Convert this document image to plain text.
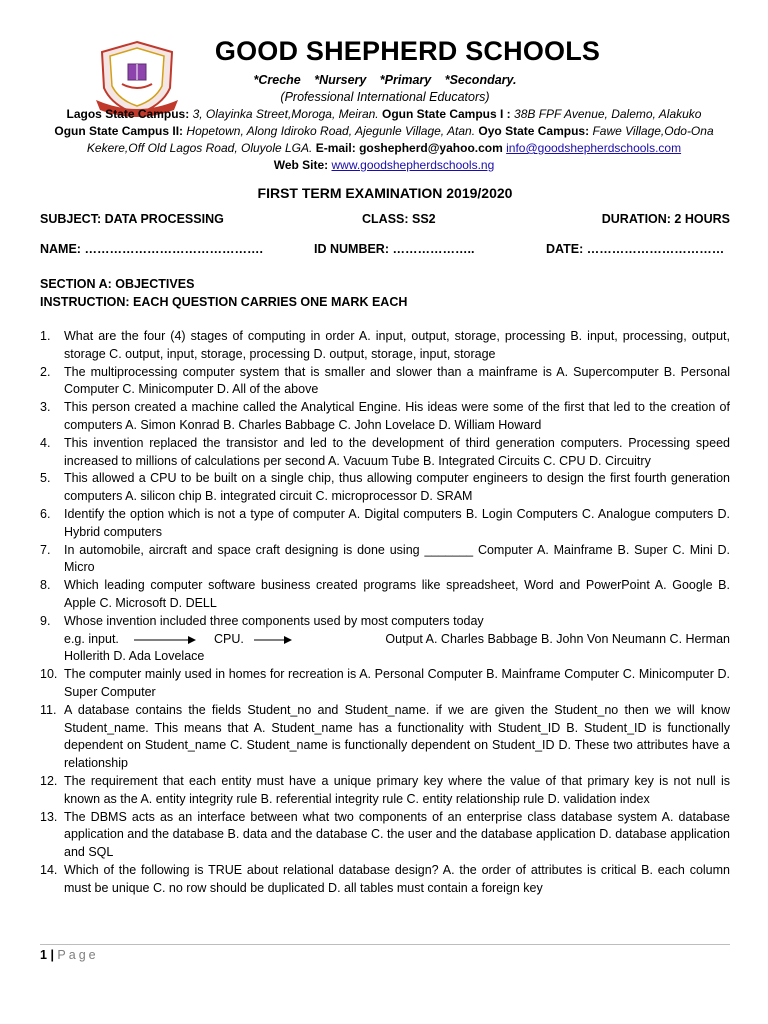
GOOD SHEPHERD SCHOOLS
*Creche *Nursery *Primary *Secondary.
(Professional International Educators)
Lagos State Campus: 3, Olayinka Street,Moroga, Meiran. Ogun State Campus I : 38B FPF Avenue, Dalemo, Alakuko
Ogun State Campus II: Hopetown, Along Idiroko Road, Ajegunle Village, Atan. Oyo State Campus: Fawe Village,Odo-Ona Kekere,Off Old Lagos Road, Oluyole LGA. E-mail: goshepherd@yahoo.com info@goodshepherdschools.com
Web Site: www.goodshepherdschools.ng
FIRST TERM EXAMINATION 2019/2020
SUBJECT: DATA PROCESSING	CLASS: SS2	DURATION: 2 HOURS
NAME: …………………………………….	ID NUMBER: ………………..	DATE: ……………………………
SECTION A: OBJECTIVES
INSTRUCTION: EACH QUESTION CARRIES ONE MARK EACH
1. What are the four (4) stages of computing in order A. input, output, storage, processing B. input, processing, output, storage C. output, input, storage, processing D. output, storage, input, storage
2. The multiprocessing computer system that is smaller and slower than a mainframe is A. Supercomputer B. Personal Computer C. Minicomputer D. All of the above
3. This person created a machine called the Analytical Engine. His ideas were some of the first that led to the creation of computers A. Simon Konrad B. Charles Babbage C. John Lovelace D. William Howard
4. This invention replaced the transistor and led to the development of third generation computers. Processing speed increased to millions of calculations per second A. Vacuum Tube B. Integrated Circuits C. CPU D. Circuitry
5. This allowed a CPU to be built on a single chip, thus allowing computer engineers to design the first fourth generation computers A. silicon chip B. integrated circuit C. microprocessor D. SRAM
6. Identify the option which is not a type of computer A. Digital computers B. Login Computers C. Analogue computers D. Hybrid computers
7. In automobile, aircraft and space craft designing is done using _______ Computer A. Mainframe B. Super C. Mini D. Micro
8. Which leading computer software business created programs like spreadsheet, Word and PowerPoint A. Google B. Apple C. Microsoft D. DELL
9. Whose invention included three components used by most computers today
e.g. input.	CPU.	Output A. Charles Babbage B. John Von Neumann C. Herman
Hollerith D. Ada Lovelace
10. The computer mainly used in homes for recreation is A. Personal Computer B. Mainframe Computer C. Minicomputer D. Super Computer
11. A database contains the fields Student_no and Student_name. if we are given the Student_no then we will know Student_name. This means that A. Student_name has a functionality with Student_ID B. Student_ID is functionally dependent on Student_name C. Student_name is functionally dependent on Student_ID D. These two attributes have a relationship
12. The requirement that each entity must have a unique primary key where the value of that primary key is not null is known as the A. entity integrity rule B. referential integrity rule C. entity relationship rule D. validation index
13. The DBMS acts as an interface between what two components of an enterprise class database system A. database application and the database B. data and the database C. the user and the database application D. database application and SQL
14. Which of the following is TRUE about relational database design? A. the order of attributes is critical B. each column must be unique C. no row should be duplicated D. all tables must contain a foreign key
1 | Page
